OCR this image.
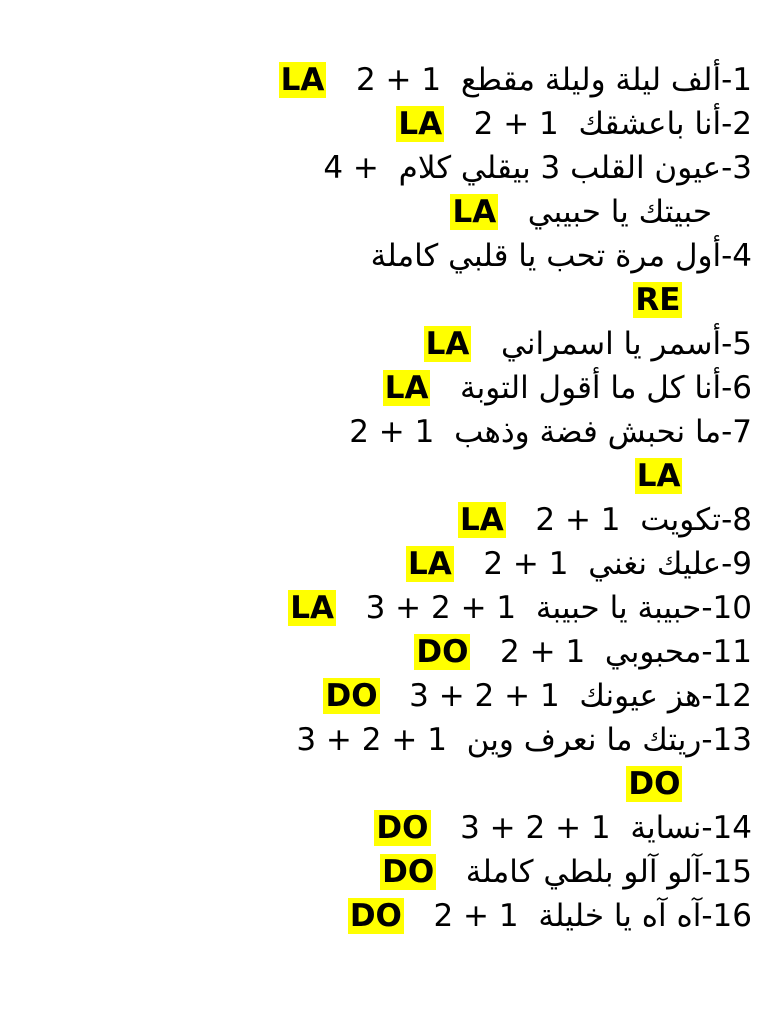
1-ألف ليلة وليلة مقطع  1 + 2   LA

2-أنا باعشقك  1 + 2   LA

3-عيون القلب 3 بيقلي كلام  + 4
حبيتك يا حبيبي   LA

4-أول مرة تحب يا قلبي كاملة
RE

5-أسمر يا اسمراني   LA

6-أنا كل ما أقول التوبة   LA

7-ما نحبش فضة وذهب  1 + 2
LA

8-تكويت  1 + 2   LA

9-عليك نغني  1 + 2   LA

10-حبيبة يا حبيبة  1 + 2 + 3   LA

11-محبوبي  1 + 2   DO

12-هز عيونك  1 + 2 + 3   DO

13-ريتك ما نعرف وين  1 + 2 + 3
DO

14-نساية  1 + 2 + 3   DO

15-آلو آلو بلطي كاملة   DO

16-آه آه يا خليلة  1 + 2   DO
